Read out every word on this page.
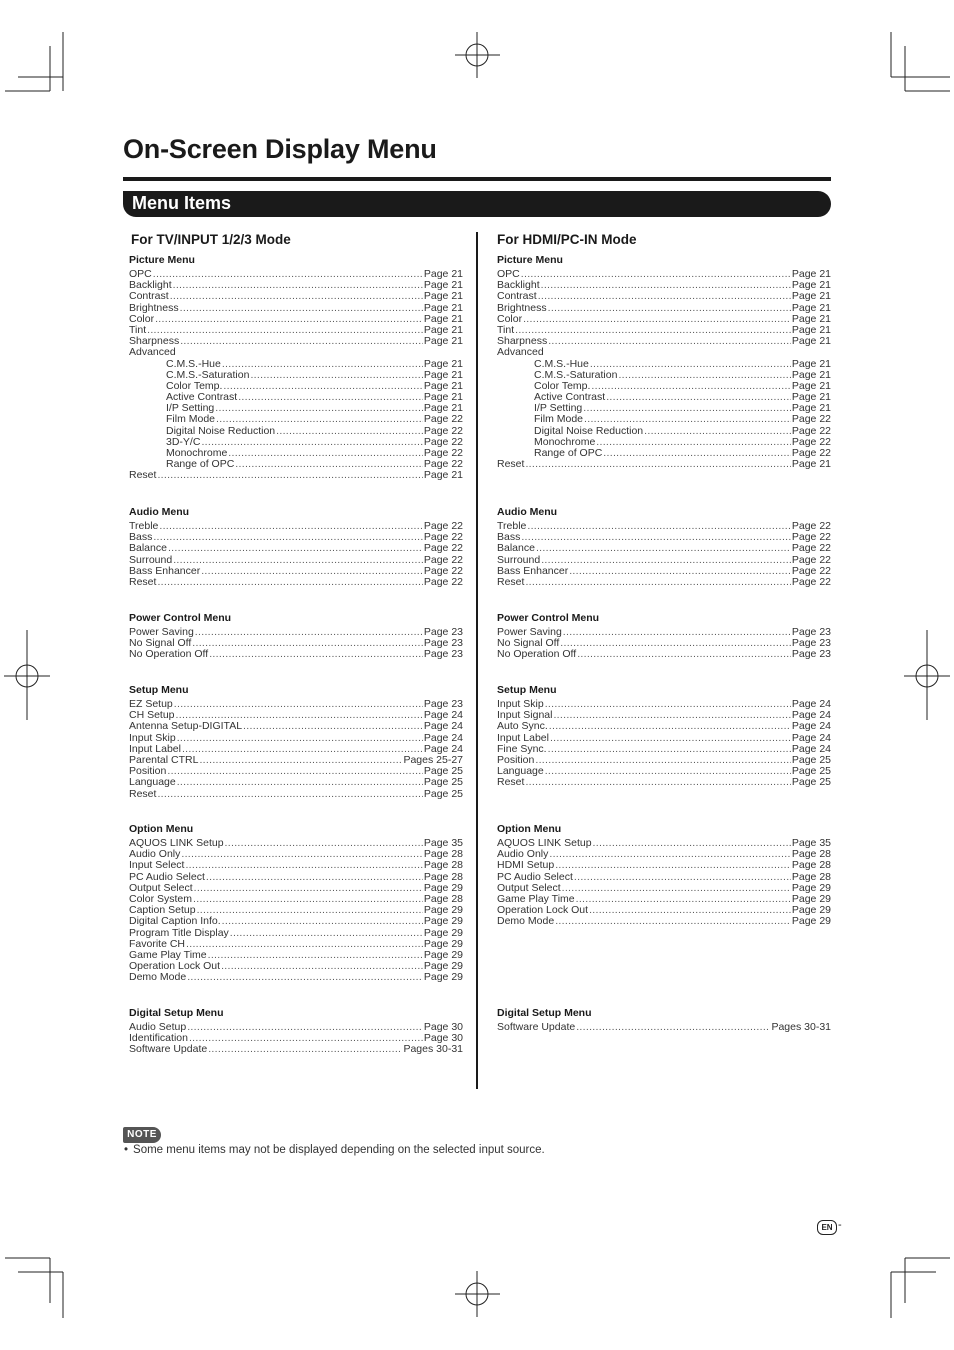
On-Screen Display Menu
Menu Items
For TV/INPUT 1/2/3 Mode
Picture Menu
OPC .....	Page 21
Backlight .....	Page 21
Contrast .....	Page 21
Brightness .....	Page 21
Color .....	Page 21
Tint .....	Page 21
Sharpness .....	Page 21
Advanced
C.M.S.-Hue .....	Page 21
C.M.S.-Saturation .....	Page 21
Color Temp. .....	Page 21
Active Contrast .....	Page 21
I/P Setting .....	Page 21
Film Mode .....	Page 22
Digital Noise Reduction .....	Page 22
3D-Y/C .....	Page 22
Monochrome .....	Page 22
Range of OPC .....	Page 22
Reset .....	Page 21
Audio Menu
Treble .....	Page 22
Bass .....	Page 22
Balance .....	Page 22
Surround .....	Page 22
Bass Enhancer .....	Page 22
Reset .....	Page 22
Power Control Menu
Power Saving .....	Page 23
No Signal Off .....	Page 23
No Operation Off .....	Page 23
Setup Menu
EZ Setup .....	Page 23
CH Setup .....	Page 24
Antenna Setup-DIGITAL .....	Page 24
Input Skip .....	Page 24
Input Label .....	Page 24
Parental CTRL .....	Pages 25-27
Position .....	Page 25
Language .....	Page 25
Reset .....	Page 25
Option Menu
AQUOS LINK Setup .....	Page 35
Audio Only .....	Page 28
Input Select .....	Page 28
PC Audio Select .....	Page 28
Output Select .....	Page 29
Color System .....	Page 28
Caption Setup .....	Page 29
Digital Caption Info. .....	Page 29
Program Title Display .....	Page 29
Favorite CH .....	Page 29
Game Play Time .....	Page 29
Operation Lock Out .....	Page 29
Demo Mode .....	Page 29
Digital Setup Menu
Audio Setup .....	Page 30
Identification .....	Page 30
Software Update .....	Pages 30-31
For HDMI/PC-IN Mode
Picture Menu
OPC .....	Page 21
Backlight .....	Page 21
Contrast .....	Page 21
Brightness .....	Page 21
Color .....	Page 21
Tint .....	Page 21
Sharpness .....	Page 21
Advanced
C.M.S.-Hue .....	Page 21
C.M.S.-Saturation .....	Page 21
Color Temp. .....	Page 21
Active Contrast .....	Page 21
I/P Setting .....	Page 21
Film Mode .....	Page 22
Digital Noise Reduction .....	Page 22
Monochrome .....	Page 22
Range of OPC .....	Page 22
Reset .....	Page 21
Audio Menu
Treble .....	Page 22
Bass .....	Page 22
Balance .....	Page 22
Surround .....	Page 22
Bass Enhancer .....	Page 22
Reset .....	Page 22
Power Control Menu
Power Saving .....	Page 23
No Signal Off .....	Page 23
No Operation Off .....	Page 23
Setup Menu
Input Skip .....	Page 24
Input Signal .....	Page 24
Auto Sync. .....	Page 24
Input Label .....	Page 24
Fine Sync. .....	Page 24
Position .....	Page 25
Language .....	Page 25
Reset .....	Page 25
Option Menu
AQUOS LINK Setup .....	Page 35
Audio Only .....	Page 28
HDMI Setup .....	Page 28
PC Audio Select .....	Page 28
Output Select .....	Page 29
Game Play Time .....	Page 29
Operation Lock Out .....	Page 29
Demo Mode .....	Page 29
Digital Setup Menu
Software Update .....	Pages 30-31
NOTE
• Some menu items may not be displayed depending on the selected input source.
EN -
